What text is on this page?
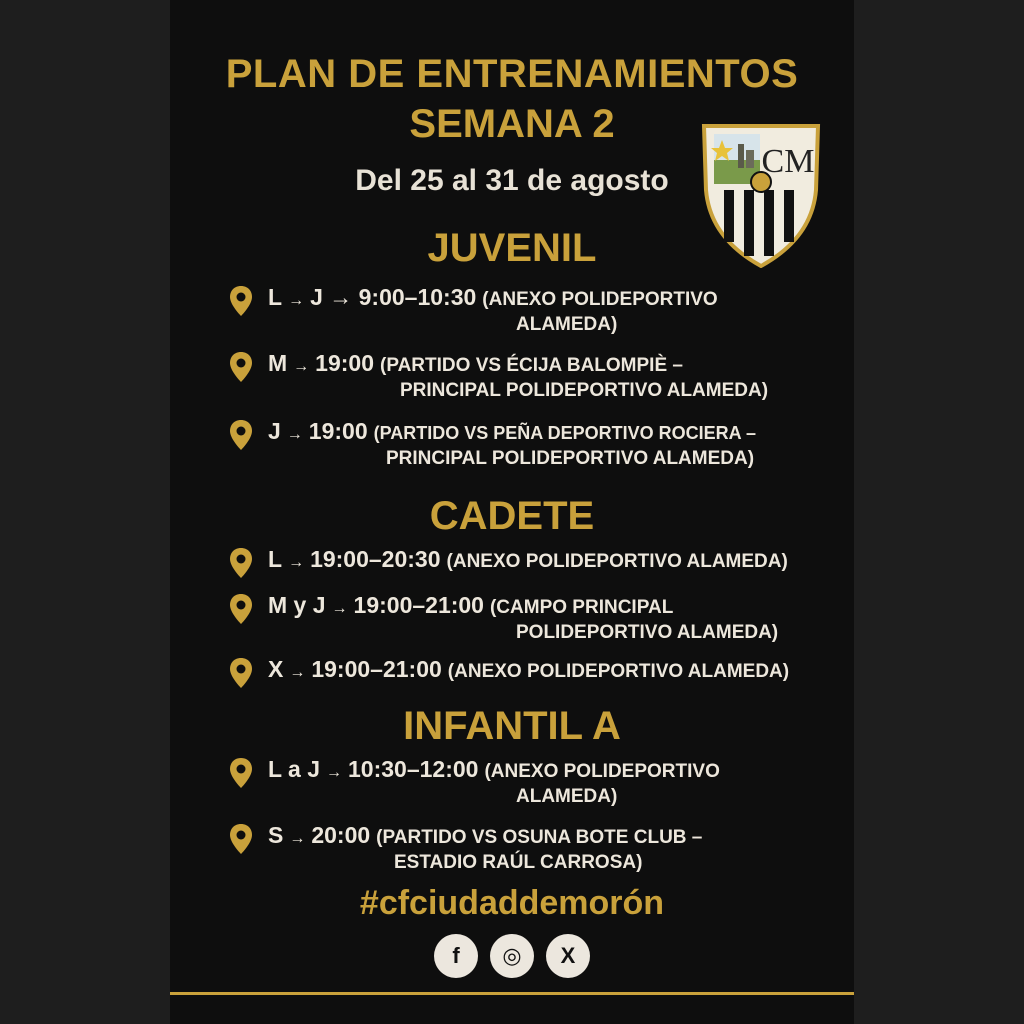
PLAN DE ENTRENAMIENTOS
SEMANA 2
Del 25 al 31 de agosto
CM
JUVENIL
L → J → 9:00–10:30 (ANEXO POLIDEPORTIVO
ALAMEDA)
M → 19:00 (PARTIDO VS ÉCIJA BALOMPIÈ –
PRINCIPAL POLIDEPORTIVO ALAMEDA)
J → 19:00 (PARTIDO VS PEÑA DEPORTIVO ROCIERA –
PRINCIPAL POLIDEPORTIVO ALAMEDA)
CADETE
L → 19:00–20:30 (ANEXO POLIDEPORTIVO ALAMEDA)
M y J → 19:00–21:00 (CAMPO PRINCIPAL
POLIDEPORTIVO ALAMEDA)
X → 19:00–21:00 (ANEXO POLIDEPORTIVO ALAMEDA)
INFANTIL A
L a J → 10:30–12:00 (ANEXO POLIDEPORTIVO
ALAMEDA)
S → 20:00 (PARTIDO VS OSUNA BOTE CLUB –
ESTADIO RAÚL CARROSA)
#cfciudaddemorón
f	◎	X
